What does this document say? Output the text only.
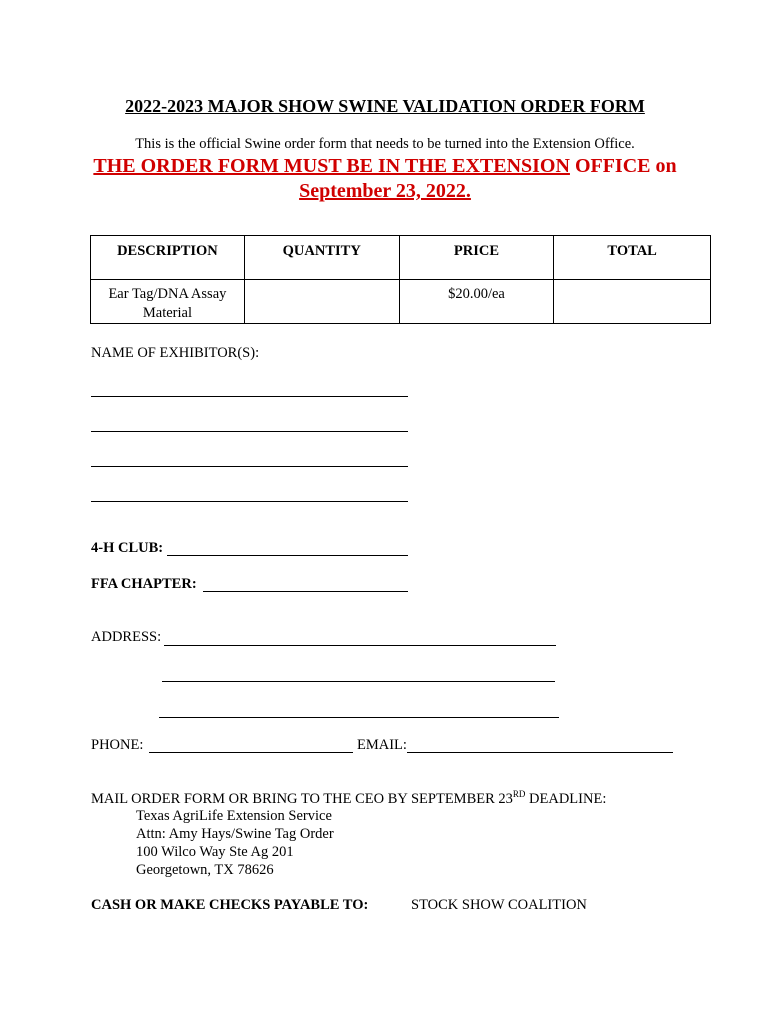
2022-2023 MAJOR SHOW SWINE VALIDATION ORDER FORM
This is the official Swine order form that needs to be turned into the Extension Office.
THE ORDER FORM MUST BE IN THE EXTENSION OFFICE on
September 23, 2022.
DESCRIPTION	QUANTITY	PRICE	TOTAL
Ear Tag/DNA Assay Material		$20.00/ea	
NAME OF EXHIBITOR(S):
4-H CLUB:
FFA CHAPTER:
ADDRESS:
PHONE:	EMAIL:
MAIL ORDER FORM OR BRING TO THE CEO BY SEPTEMBER 23RD DEADLINE:
Texas AgriLife Extension Service
Attn: Amy Hays/Swine Tag Order
100 Wilco Way Ste Ag 201
Georgetown, TX 78626
CASH OR MAKE CHECKS PAYABLE TO:	STOCK SHOW COALITION
